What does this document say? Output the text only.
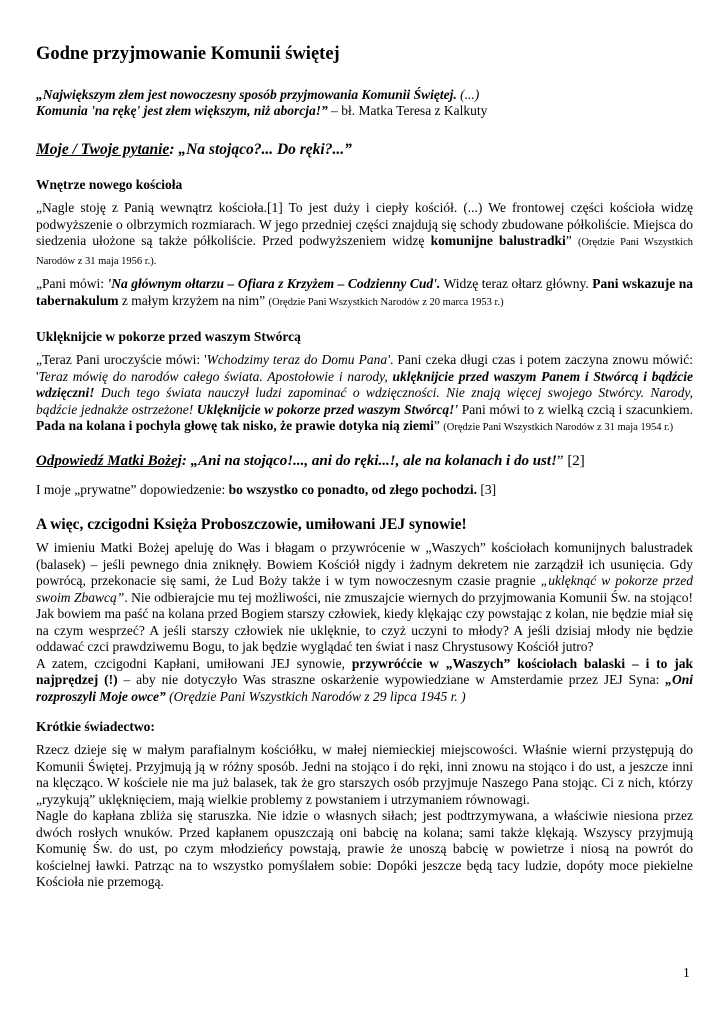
Godne przyjmowanie Komunii świętej

„Największym złem jest nowoczesny sposób przyjmowania Komunii Świętej. (...)
Komunia 'na rękę' jest złem większym, niż aborcja!” – bł. Matka Teresa z Kalkuty

Moje / Twoje pytanie: „Na stojąco?... Do ręki?...”

Wnętrze nowego kościoła

„Nagle stoję z Panią wewnątrz kościoła.[1] To jest duży i ciepły kościół. (...) We frontowej części kościoła widzę podwyższenie o olbrzymich rozmiarach. W jego przedniej części znajdują się schody zbudowane półkoliście. Miejsca do siedzenia ułożone są także półkoliście. Przed podwyższeniem widzę komunijne balustradki” (Orędzie Pani Wszystkich Narodów z 31 maja 1956 r.).

„Pani mówi: 'Na głównym ołtarzu – Ofiara z Krzyżem – Codzienny Cud'. Widzę teraz ołtarz główny. Pani wskazuje na tabernakulum z małym krzyżem na nim” (Orędzie Pani Wszystkich Narodów z 20 marca 1953 r.)

Uklęknijcie w pokorze przed waszym Stwórcą

„Teraz Pani uroczyście mówi: 'Wchodzimy teraz do Domu Pana'. Pani czeka długi czas i potem zaczyna znowu mówić: 'Teraz mówię do narodów całego świata. Apostołowie i narody, uklęknijcie przed waszym Panem i Stwórcą i bądźcie wdzięczni! Duch tego świata nauczył ludzi zapominać o wdzięczności. Nie znają więcej swojego Stwórcy. Narody, bądźcie jednakże ostrzeżone! Uklęknijcie w pokorze przed waszym Stwórcą!' Pani mówi to z wielką czcią i szacunkiem. Pada na kolana i pochyla głowę tak nisko, że prawie dotyka nią ziemi” (Orędzie Pani Wszystkich Narodów z 31 maja 1954 r.)

Odpowiedź Matki Bożej: „Ani na stojąco!..., ani do ręki...!, ale na kolanach i do ust!” [2]

I moje „prywatne” dopowiedzenie: bo wszystko co ponadto, od złego pochodzi. [3]

A więc, czcigodni Księża Proboszczowie, umiłowani JEJ synowie!

W imieniu Matki Bożej apeluję do Was i błagam o przywrócenie w „Waszych” kościołach komunijnych balustradek (balasek) – jeśli pewnego dnia zniknęły. Bowiem Kościół nigdy i żadnym dekretem nie zarządził ich usunięcia. Gdy powrócą, przekonacie się sami, że Lud Boży także i w tym nowoczesnym czasie pragnie „uklęknąć w pokorze przed swoim Zbawcą”. Nie odbierajcie mu tej możliwości, nie zmuszajcie wiernych do przyjmowania Komunii Św. na stojąco! Jak bowiem ma paść na kolana przed Bogiem starszy człowiek, kiedy klękając czy powstając z kolan, nie będzie miał się na czym wesprzeć? A jeśli starszy człowiek nie uklęknie, to czyż uczyni to młody? A jeśli dzisiaj młody nie będzie oddawać czci prawdziwemu Bogu, to jak będzie wyglądać ten świat i nasz Chrystusowy Kościół jutro?

A zatem, czcigodni Kapłani, umiłowani JEJ synowie, przywróćcie w „Waszych” kościołach balaski – i to jak najprędzej (!) – aby nie dotyczyło Was straszne oskarżenie wypowiedziane w Amsterdamie przez JEJ Syna: „Oni rozproszyli Moje owce” (Orędzie Pani Wszystkich Narodów z 29 lipca 1945 r. )

Krótkie świadectwo:

Rzecz dzieje się w małym parafialnym kościółku, w małej niemieckiej miejscowości. Właśnie wierni przystępują do Komunii Świętej. Przyjmują ją w różny sposób. Jedni na stojąco i do ręki, inni znowu na stojąco i do ust, a jeszcze inni na klęcząco. W kościele nie ma już balasek, tak że gro starszych osób przyjmuje Naszego Pana stojąc. Ci z nich, którzy „ryzykują” uklęknięciem, mają wielkie problemy z powstaniem i utrzymaniem równowagi.

Nagle do kapłana zbliża się staruszka. Nie idzie o własnych siłach; jest podtrzymywana, a właściwie niesiona przez dwóch rosłych wnuków. Przed kapłanem opuszczają oni babcię na kolana; sami także klękają. Wszyscy przyjmują Komunię Św. do ust, po czym młodzieńcy powstają, prawie że unoszą babcię w powietrze i niosą na powrót do kościelnej ławki. Patrząc na to wszystko pomyślałem sobie: Dopóki jeszcze będą tacy ludzie, dopóty moce piekielne Kościoła nie przemogą.

1
